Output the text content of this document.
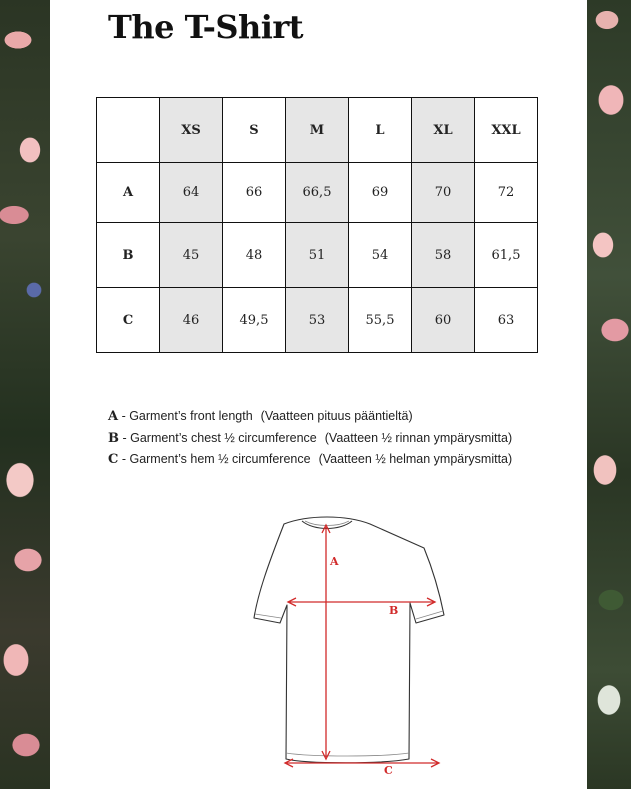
The T-Shirt
	XS	S	M	L	XL	XXL
A	64	66	66,5	69	70	72
B	45	48	51	54	58	61,5
C	46	49,5	53	55,5	60	63
A - Garment’s front length (Vaatteen pituus pääntieltä)
B - Garment’s chest ½ circumference (Vaatteen ½ rinnan ympärysmitta)
C - Garment’s hem ½ circumference (Vaatteen ½ helman ympärysmitta)
A
B
C
